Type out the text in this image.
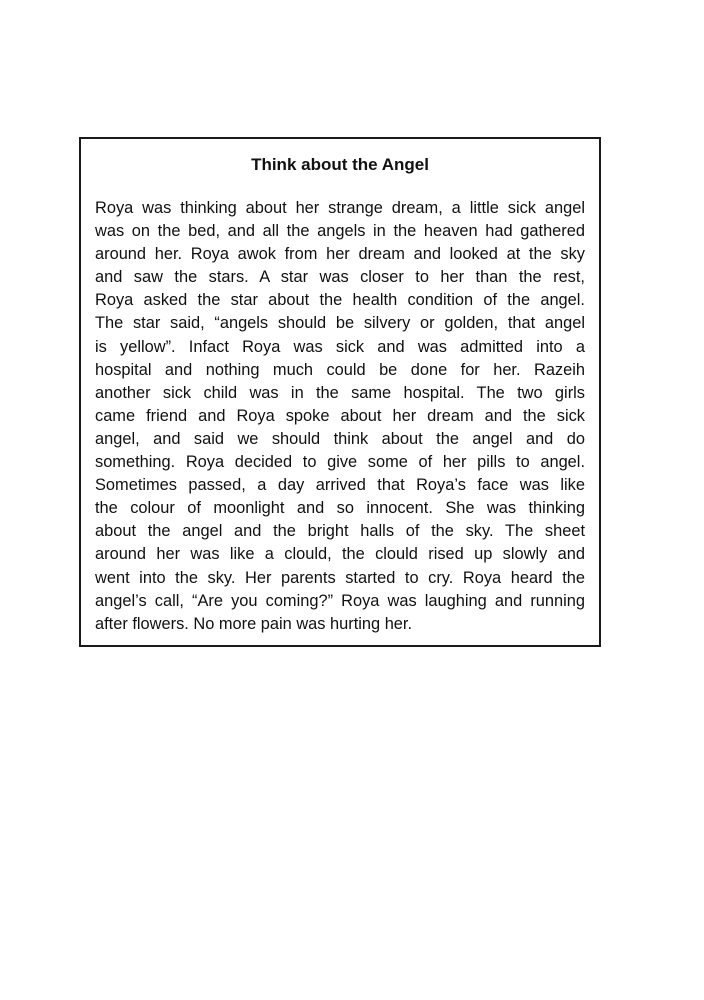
Think about the Angel
Roya was thinking about her strange dream, a little sick angel
was on the bed, and all the angels in the heaven had gathered
around her. Roya awok from her dream and looked at the sky
and saw the stars. A star was closer to her than the rest,
Roya asked the star about the health condition of the angel.
The star said, “angels should be silvery or golden, that angel
is yellow”. Infact Roya was sick and was admitted into a
hospital and nothing much could be done for her. Razeih
another sick child was in the same hospital. The two girls
came friend and Roya spoke about her dream and the sick
angel, and said we should think about the angel and do
something. Roya decided to give some of her pills to angel.
Sometimes passed, a day arrived that Roya’s face was like
the colour of moonlight and so innocent. She was thinking
about the angel and the bright halls of the sky. The sheet
around her was like a clould, the clould rised up slowly and
went into the sky. Her parents started to cry. Roya heard the
angel’s call, “Are you coming?” Roya was laughing and running
after flowers. No more pain was hurting her.
